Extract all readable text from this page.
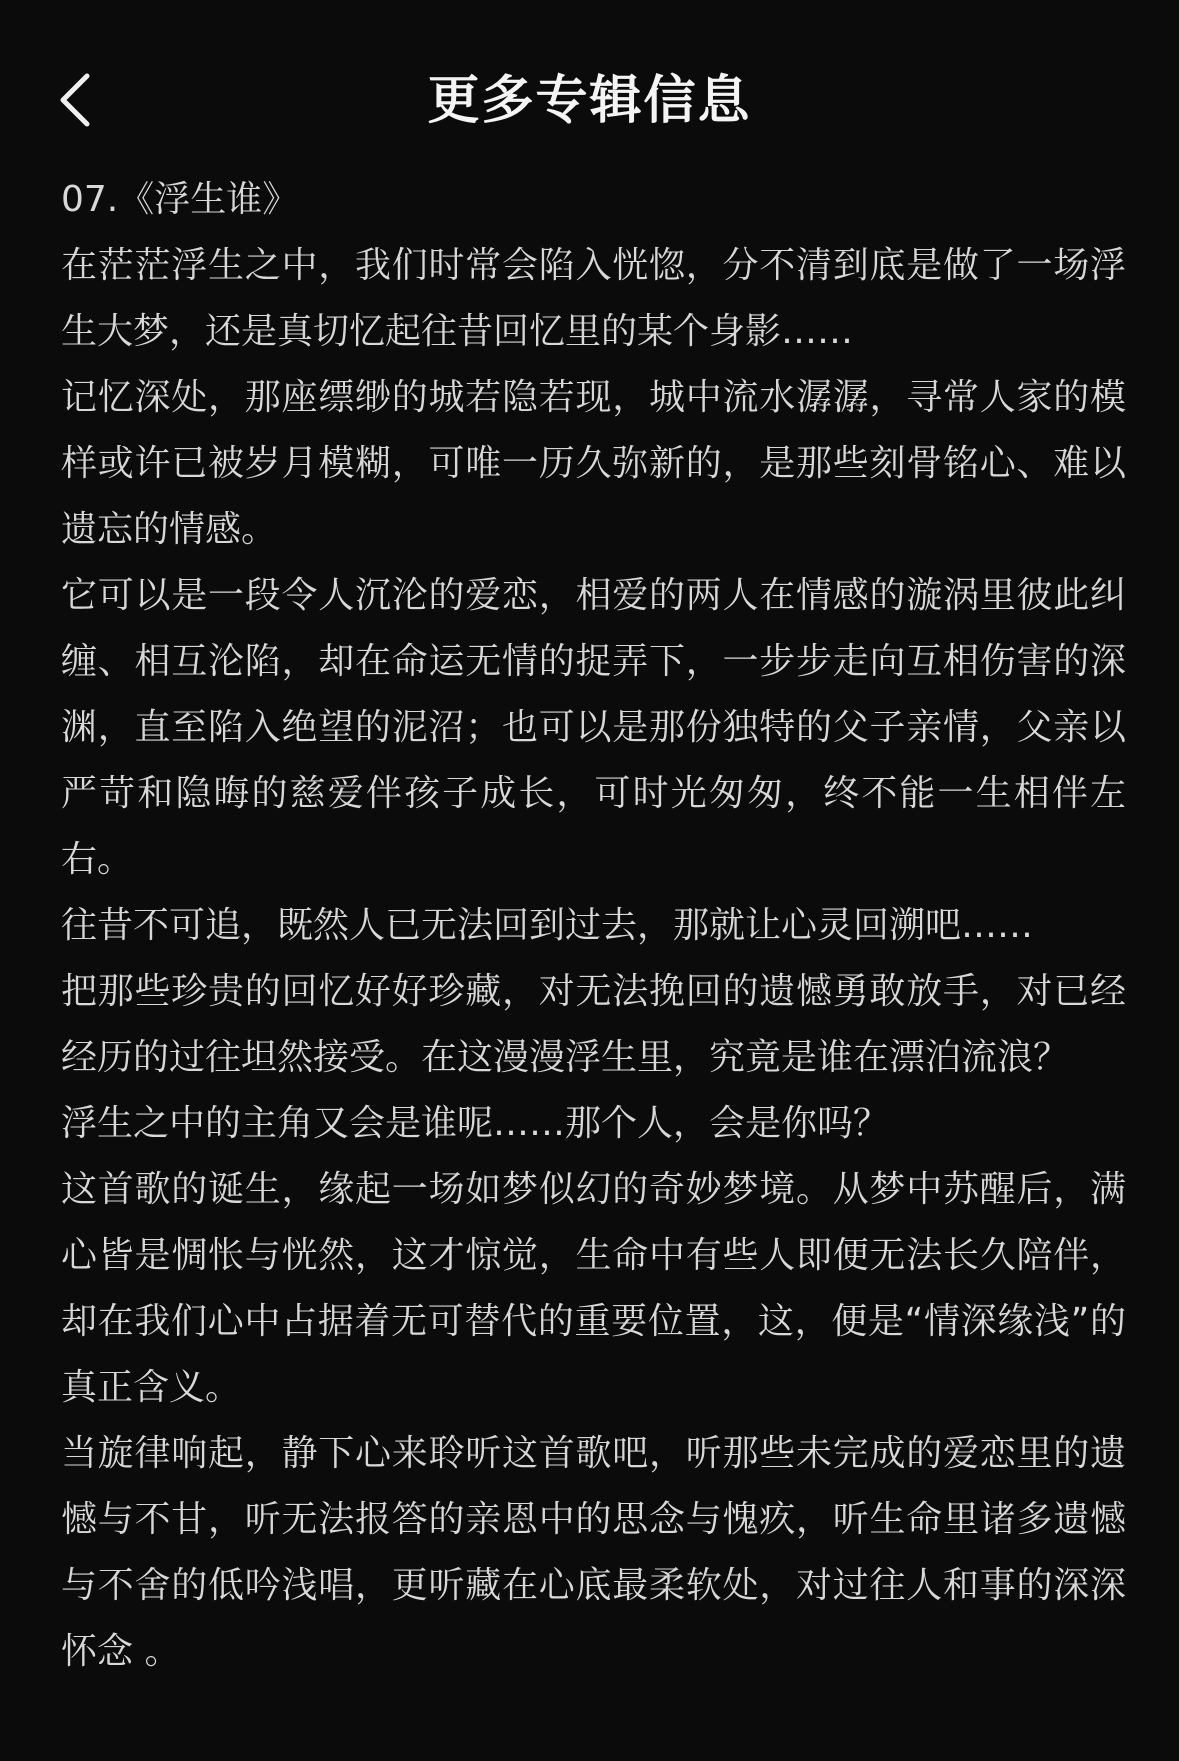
更多专辑信息

07.《浮生谁》

在茫茫浮生之中，我们时常会陷入恍惚，分不清到底是做了一场浮生大梦，还是真切忆起往昔回忆里的某个身影……

记忆深处，那座缥缈的城若隐若现，城中流水潺潺，寻常人家的模样或许已被岁月模糊，可唯一历久弥新的，是那些刻骨铭心、难以遗忘的情感。

它可以是一段令人沉沦的爱恋，相爱的两人在情感的漩涡里彼此纠缠、相互沦陷，却在命运无情的捉弄下，一步步走向互相伤害的深渊，直至陷入绝望的泥沼；也可以是那份独特的父子亲情，父亲以严苛和隐晦的慈爱伴孩子成长，可时光匆匆，终不能一生相伴左右。

往昔不可追，既然人已无法回到过去，那就让心灵回溯吧……

把那些珍贵的回忆好好珍藏，对无法挽回的遗憾勇敢放手，对已经经历的过往坦然接受。在这漫漫浮生里，究竟是谁在漂泊流浪？

浮生之中的主角又会是谁呢……那个人，会是你吗？

这首歌的诞生，缘起一场如梦似幻的奇妙梦境。从梦中苏醒后，满心皆是惆怅与恍然，这才惊觉，生命中有些人即便无法长久陪伴，却在我们心中占据着无可替代的重要位置，这，便是“情深缘浅”的真正含义。

当旋律响起，静下心来聆听这首歌吧，听那些未完成的爱恋里的遗憾与不甘，听无法报答的亲恩中的思念与愧疚，听生命里诸多遗憾与不舍的低吟浅唱，更听藏在心底最柔软处，对过往人和事的深深怀念 。
